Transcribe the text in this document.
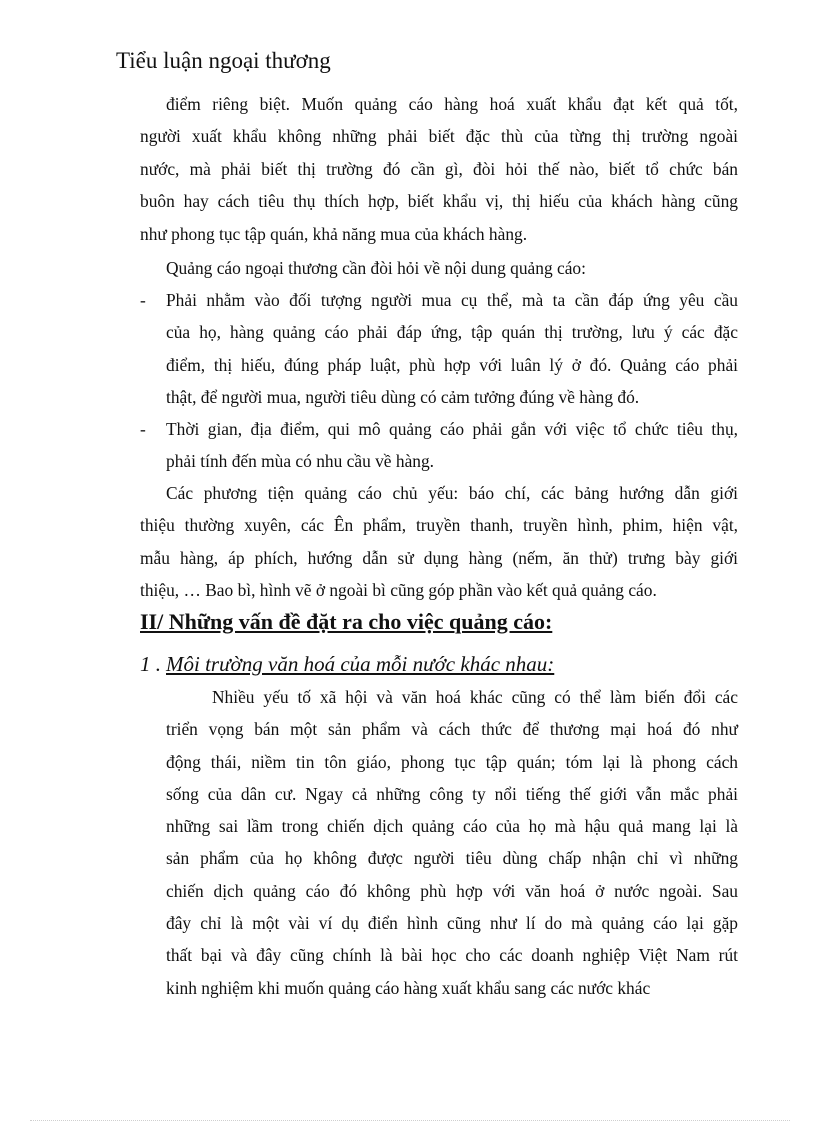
Tiểu luận ngoại thương
điểm riêng biệt. Muốn quảng cáo hàng hoá xuất khẩu đạt kết quả tốt,
người xuất khẩu không những phải biết đặc thù của từng thị trường ngoài
nước, mà phải biết thị trường đó cần gì, đòi hỏi thế nào, biết tổ chức bán
buôn hay cách tiêu thụ thích hợp, biết khẩu vị, thị hiếu của khách hàng cũng
như phong tục tập quán, khả năng mua của khách hàng.
Quảng cáo ngoại thương cần đòi hỏi về nội dung quảng cáo:
-	Phải nhằm vào đối tượng người mua cụ thể, mà ta cần đáp ứng yêu cầu
của họ, hàng quảng cáo phải đáp ứng, tập quán thị trường, lưu ý các đặc
điểm, thị hiếu, đúng pháp luật, phù hợp với luân lý ở đó. Quảng cáo phải
thật, để người mua, người tiêu dùng có cảm tưởng đúng về hàng đó.
-	Thời gian, địa điểm, qui mô quảng cáo phải gắn với việc tổ chức tiêu thụ,
phải tính đến mùa có nhu cầu về hàng.
Các phương tiện quảng cáo chủ yếu: báo chí, các bảng hướng dẫn giới
thiệu thường xuyên, các Ên phẩm, truyền thanh, truyền hình, phim, hiện vật,
mẫu hàng, áp phích, hướng dẫn sử dụng hàng (nếm, ăn thử) trưng bày giới
thiệu, … Bao bì, hình vẽ ở ngoài bì cũng góp phần vào kết quả quảng cáo.
II/ Những vấn đề đặt ra cho việc quảng cáo:
1 . Môi trường văn hoá của mỗi nước khác nhau:
Nhiều yếu tố xã hội và văn hoá khác cũng có thể làm biến đổi các
triển vọng bán một sản phẩm và cách thức để thương mại hoá đó như
động thái, niềm tin tôn giáo, phong tục tập quán; tóm lại là phong cách
sống của dân cư. Ngay cả những công ty nổi tiếng thế giới vẫn mắc phải
những sai lầm trong chiến dịch quảng cáo của họ mà hậu quả mang lại là
sản phẩm của họ không được người tiêu dùng chấp nhận chỉ vì những
chiến dịch quảng cáo đó không phù hợp với văn hoá ở nước ngoài. Sau
đây chỉ là một vài ví dụ điển hình cũng như lí do mà quảng cáo lại gặp
thất bại và đây cũng chính là bài học cho các doanh nghiệp Việt Nam rút
kinh nghiệm khi muốn quảng cáo hàng xuất khẩu sang các nước khác
